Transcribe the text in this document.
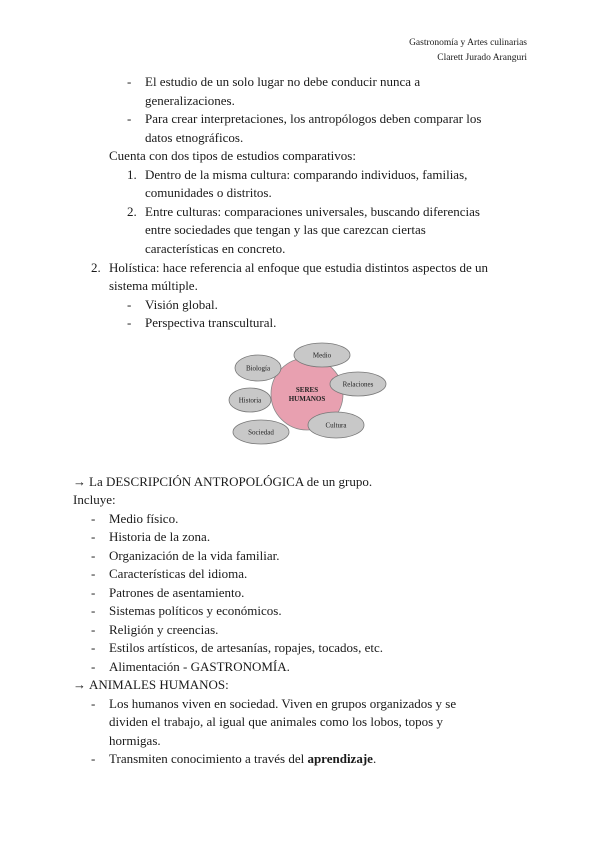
Gastronomía y Artes culinarias
Clarett Jurado Aranguri
- El estudio de un solo lugar no debe conducir nunca a
generalizaciones.
- Para crear interpretaciones, los antropólogos deben comparar los
datos etnográficos.
Cuenta con dos tipos de estudios comparativos:
1. Dentro de la misma cultura: comparando individuos, familias,
comunidades o distritos.
2. Entre culturas: comparaciones universales, buscando diferencias
entre sociedades que tengan y las que carezcan ciertas
características en concreto.
2. Holística: hace referencia al enfoque que estudia distintos aspectos de un
sistema múltiple.
- Visión global.
- Perspectiva transcultural.
SERES
HUMANOS
Biología
Medio
Relaciones
Cultura
Sociedad
Historia
→ La DESCRIPCIÓN ANTROPOLÓGICA de un grupo.
Incluye:
- Medio físico.
- Historia de la zona.
- Organización de la vida familiar.
- Características del idioma.
- Patrones de asentamiento.
- Sistemas políticos y económicos.
- Religión y creencias.
- Estilos artísticos, de artesanías, ropajes, tocados, etc.
- Alimentación - GASTRONOMÍA.
→ ANIMALES HUMANOS:
- Los humanos viven en sociedad. Viven en grupos organizados y se
dividen el trabajo, al igual que animales como los lobos, topos y
hormigas.
- Transmiten conocimiento a través del aprendizaje.
